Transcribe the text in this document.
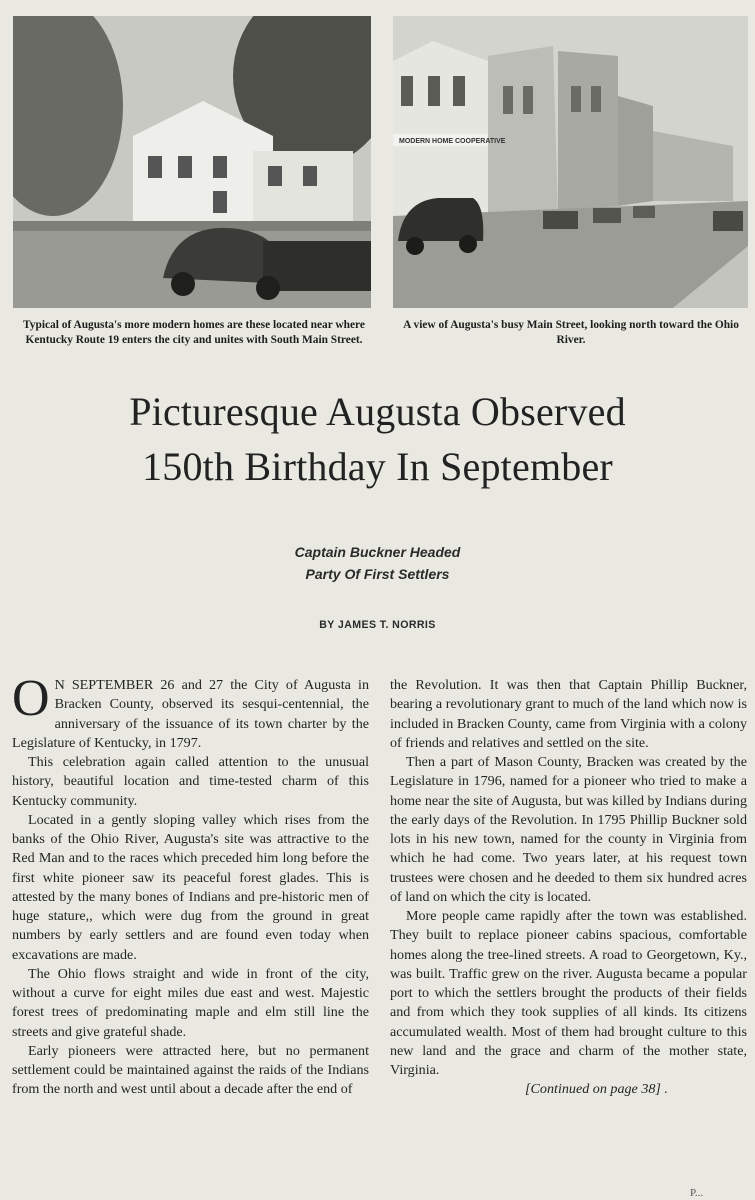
MODERN HOME COOPERATIVE
Typical of Augusta's more modern homes are these located near where Kentucky Route 19 enters the city and unites with South Main Street.
A view of Augusta's busy Main Street, looking north toward the Ohio River.
Picturesque Augusta Observed
150th Birthday In September
Captain Buckner Headed
Party Of First Settlers
BY JAMES T. NORRIS

O N SEPTEMBER 26 and 27 the City of Augusta in Bracken County, observed its sesqui-centennial, the anniversary of the issuance of its town charter by the Legislature of Kentucky, in 1797.

This celebration again called attention to the unusual history, beautiful location and time-tested charm of this Kentucky community.

Located in a gently sloping valley which rises from the banks of the Ohio River, Augusta's site was attractive to the Red Man and to the races which preceded him long before the first white pioneer saw its peaceful forest glades. This is attested by the many bones of Indians and pre-historic men of huge stature,, which were dug from the ground in great numbers by early settlers and are found even today when excavations are made.

The Ohio flows straight and wide in front of the city, without a curve for eight miles due east and west. Majestic forest trees of predominating maple and elm still line the streets and give grateful shade.

Early pioneers were attracted here, but no permanent settlement could be maintained against the raids of the Indians from the north and west until about a decade after the end of

the Revolution. It was then that Captain Phillip Buckner, bearing a revolutionary grant to much of the land which now is included in Bracken County, came from Virginia with a colony of friends and relatives and settled on the site.

Then a part of Mason County, Bracken was created by the Legislature in 1796, named for a pioneer who tried to make a home near the site of Augusta, but was killed by Indians during the early days of the Revolution. In 1795 Phillip Buckner sold lots in his new town, named for the county in Virginia from which he had come. Two years later, at his request town trustees were chosen and he deeded to them six hundred acres of land on which the city is located.

More people came rapidly after the town was established. They built to replace pioneer cabins spacious, comfortable homes along the tree-lined streets. A road to Georgetown, Ky., was built. Traffic grew on the river. Augusta became a popular port to which the settlers brought the products of their fields and from which they took supplies of all kinds. Its citizens accumulated wealth. Most of them had brought culture to this new land and the grace and charm of the mother state, Virginia.

[Continued on page 38] .

P...
